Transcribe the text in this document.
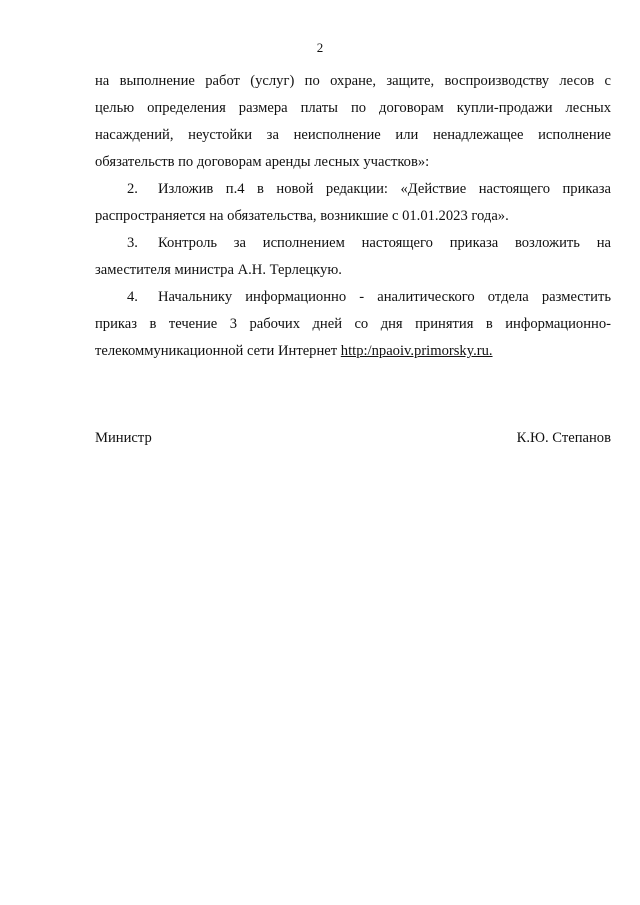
2
на выполнение работ (услуг) по охране, защите, воспроизводству лесов с
целью определения размера платы по договорам купли-продажи лесных
насаждений, неустойки за неисполнение или ненадлежащее исполнение
обязательств по договорам аренды лесных участков»:
2. Изложив п.4 в новой редакции: «Действие настоящего приказа
распространяется на обязательства, возникшие с 01.01.2023 года».
3. Контроль за исполнением настоящего приказа возложить на
заместителя министра А.Н. Терлецкую.
4. Начальнику информационно - аналитического отдела разместить
приказ в течение 3 рабочих дней со дня принятия в информационно-
телекоммуникационной сети Интернет http:/npaoiv.primorsky.ru.
Министр	К.Ю. Степанов
